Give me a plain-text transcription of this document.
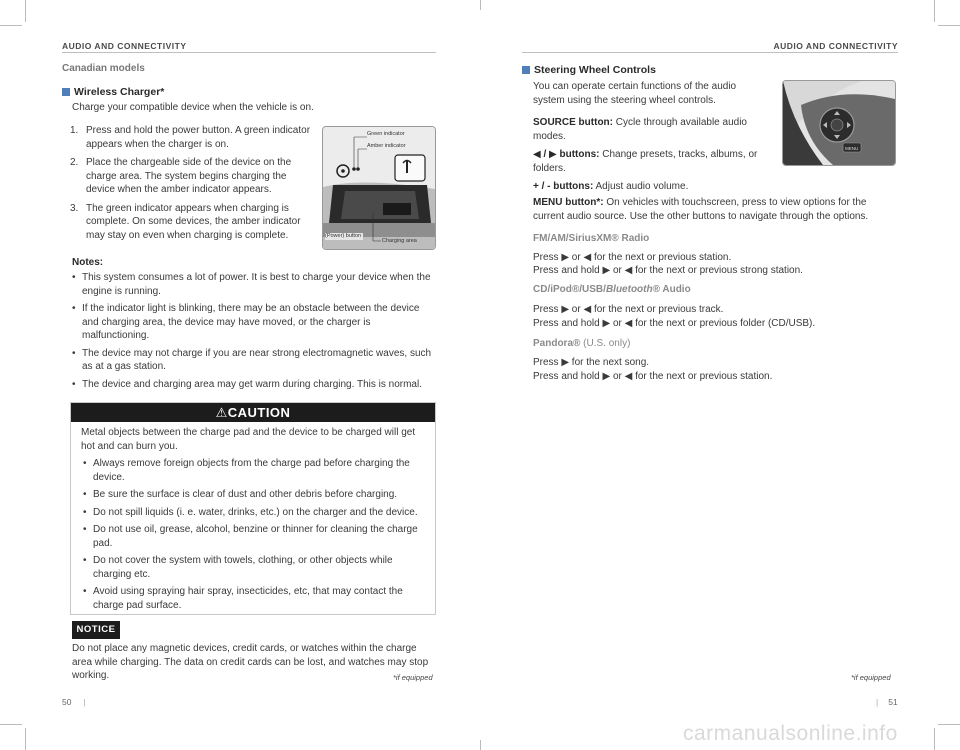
AUDIO AND CONNECTIVITY
Canadian models
Wireless Charger*
Charge your compatible device when the vehicle is on.
1. Press and hold the power button. A green indicator appears when the charger is on.
2. Place the chargeable side of the device on the charge area. The system begins charging the device when the amber indicator appears.
3. The green indicator appears when charging is complete. On some devices, the amber indicator may stay on even when charging is complete.
Green indicator
Amber indicator
(Power) button
Charging area
Notes:
• This system consumes a lot of power. It is best to charge your device when the engine is running.
• If the indicator light is blinking, there may be an obstacle between the device and charging area, the device may have moved, or the charger is malfunctioning.
• The device may not charge if you are near strong electromagnetic waves, such as at a gas station.
• The device and charging area may get warm during charging. This is normal.
⚠CAUTION
Metal objects between the charge pad and the device to be charged will get hot and can burn you.
• Always remove foreign objects from the charge pad before charging the device.
• Be sure the surface is clear of dust and other debris before charging.
• Do not spill liquids (i. e. water, drinks, etc.) on the charger and the device.
• Do not use oil, grease, alcohol, benzine or thinner for cleaning the charge pad.
• Do not cover the system with towels, clothing, or other objects while charging etc.
• Avoid using spraying hair spray, insecticides, etc, that may contact the charge pad surface.
NOTICE
Do not place any magnetic devices, credit cards, or watches within the charge area while charging. The data on credit cards can be lost, and watches may stop working.	*if equipped
50 |
AUDIO AND CONNECTIVITY
Steering Wheel Controls
You can operate certain functions of the audio system using the steering wheel controls.
SOURCE button: Cycle through available audio modes.
◀ / ▶ buttons: Change presets, tracks, albums, or folders.
+ / - buttons: Adjust audio volume.
MENU button*: On vehicles with touchscreen, press to view options for the current audio source. Use the other buttons to navigate through the options.
MENU
FM/AM/SiriusXM® Radio
Press ▶ or ◀ for the next or previous station.
Press and hold ▶ or ◀ for the next or previous strong station.
CD/iPod®/USB/Bluetooth® Audio
Press ▶ or ◀ for the next or previous track.
Press and hold ▶ or ◀ for the next or previous folder (CD/USB).
Pandora® (U.S. only)
Press ▶ for the next song.
Press and hold ▶ or ◀ for the next or previous station.
*if equipped
| 51
carmanualsonline.info
